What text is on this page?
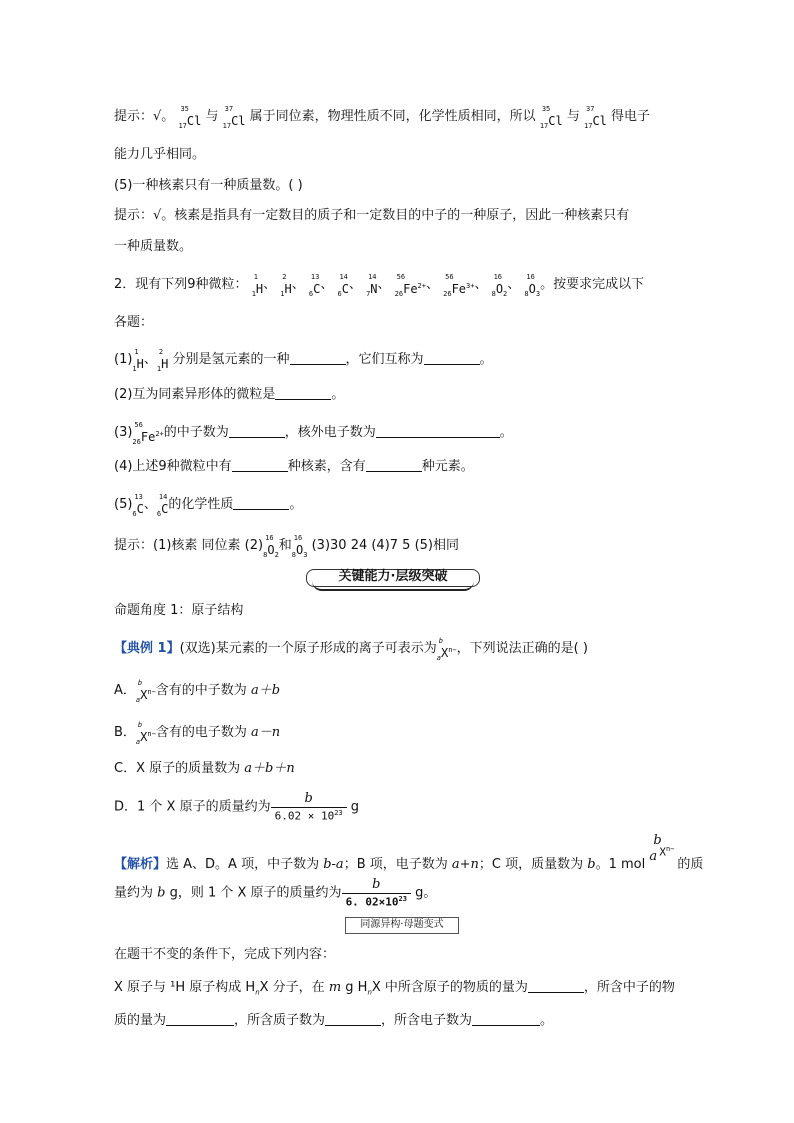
提示：√。 35
$_{17}$Cl 与 37
$_{17}$Cl 属于同位素，物理性质不同，化学性质相同，所以 35
$_{17}$Cl 与 37
$_{17}$Cl 得电子
能力几乎相同。
(5)一种核素只有一种质量数。( )
提示：√。核素是指具有一定数目的质子和一定数目的中子的一种原子，因此一种核素只有
一种质量数。
2．现有下列9种微粒： 1
$_1$H、 2
$_1$H、 13
$_6$C、 14
$_6$C、 14
$_7$N、 56
$_{26}Fe^{2+}$、 56
$_{26}Fe^{3+}$、 16
$_8O_2$、 16
$_8O_3$。按要求完成以下
各题：
(1) 1
$_1$H、 2
$_1$H 分别是氢元素的一种	，它们互称为	。
(2)互为同素异形体的微粒是	。
(3) 56
$_{26}Fe^{2+}$的中子数为	，核外电子数为	。
(4)上述9种微粒中有	种核素，含有	种元素。
(5) 13
$_6$C、 14
$_6$C的化学性质	。
提示：(1)核素 同位素 (2) 16
$_8O_2$和 16
$_8O_3$ (3)30 24 (4)7 5 (5)相同
关键能力·层级突破
命题角度 1：原子结构
【典例 1】(双选)某元素的一个原子形成的离子可表示为 b
$_aX^{n-}$，下列说法正确的是( )
A． b
$_aX^{n-}$含有的中子数为 a＋b
B． b
$_aX^{n-}$含有的电子数为 a－n
C．X 原子的质量数为 a＋b＋n
D．1 个 X 原子的质量约为 $\frac{b}{6.02 \times 10^{23}}$ g
【解析】选 A、D。A 项，中子数为 b-a；B 项，电子数为 a+n；C 项，质量数为 b。1 mol
b
a $X^{n-}$
的质
量约为 b g，则 1 个 X 原子的质量约为 $\frac{b}{6. 02\times 10^{23}}$ g。
同源异构·母题变式
在题干不变的条件下，完成下列内容：
X 原子与 ¹H 原子构成 $H_nX$ 分子，在 m g $H_nX$ 中所含原子的物质的量为	，所含中子的物
质的量为	，所含质子数为	，所含电子数为	。
